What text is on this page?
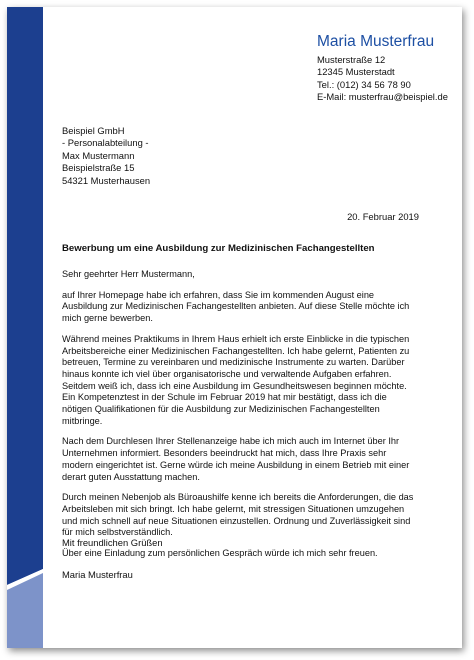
Maria Musterfrau
Musterstraße 12
12345 Musterstadt
Tel.: (012) 34 56 78 90
E-Mail: musterfrau@beispiel.de
Beispiel GmbH
- Personalabteilung -
Max Mustermann
Beispielstraße 15
54321 Musterhausen
20. Februar 2019
Bewerbung um eine Ausbildung zur Medizinischen Fachangestellten

Sehr geehrter Herr Mustermann,

auf Ihrer Homepage habe ich erfahren, dass Sie im kommenden August eine Ausbildung zur Medizinischen Fachangestellten anbieten. Auf diese Stelle möchte ich mich gerne bewerben.

Während meines Praktikums in Ihrem Haus erhielt ich erste Einblicke in die typischen Arbeitsbereiche einer Medizinischen Fachangestellten. Ich habe gelernt, Patienten zu betreuen, Termine zu vereinbaren und medizinische Instrumente zu warten. Darüber hinaus konnte ich viel über organisatorische und verwaltende Aufgaben erfahren. Seitdem weiß ich, dass ich eine Ausbildung im Gesundheitswesen beginnen möchte. Ein Kompetenztest in der Schule im Februar 2019 hat mir bestätigt, dass ich die nötigen Qualifikationen für die Ausbildung zur Medizinischen Fachangestellten mitbringe.

Nach dem Durchlesen Ihrer Stellenanzeige habe ich mich auch im Internet über Ihr Unternehmen informiert. Besonders beeindruckt hat mich, dass Ihre Praxis sehr modern eingerichtet ist. Gerne würde ich meine Ausbildung in einem Betrieb mit einer derart guten Ausstattung machen.

Durch meinen Nebenjob als Büroaushilfe kenne ich bereits die Anforderungen, die das Arbeitsleben mit sich bringt. Ich habe gelernt, mit stressigen Situationen umzugehen und mich schnell auf neue Situationen einzustellen. Ordnung und Zuverlässigkeit sind für mich selbstverständlich.

Über eine Einladung zum persönlichen Gespräch würde ich mich sehr freuen.

Mit freundlichen Grüßen
Maria Musterfrau
